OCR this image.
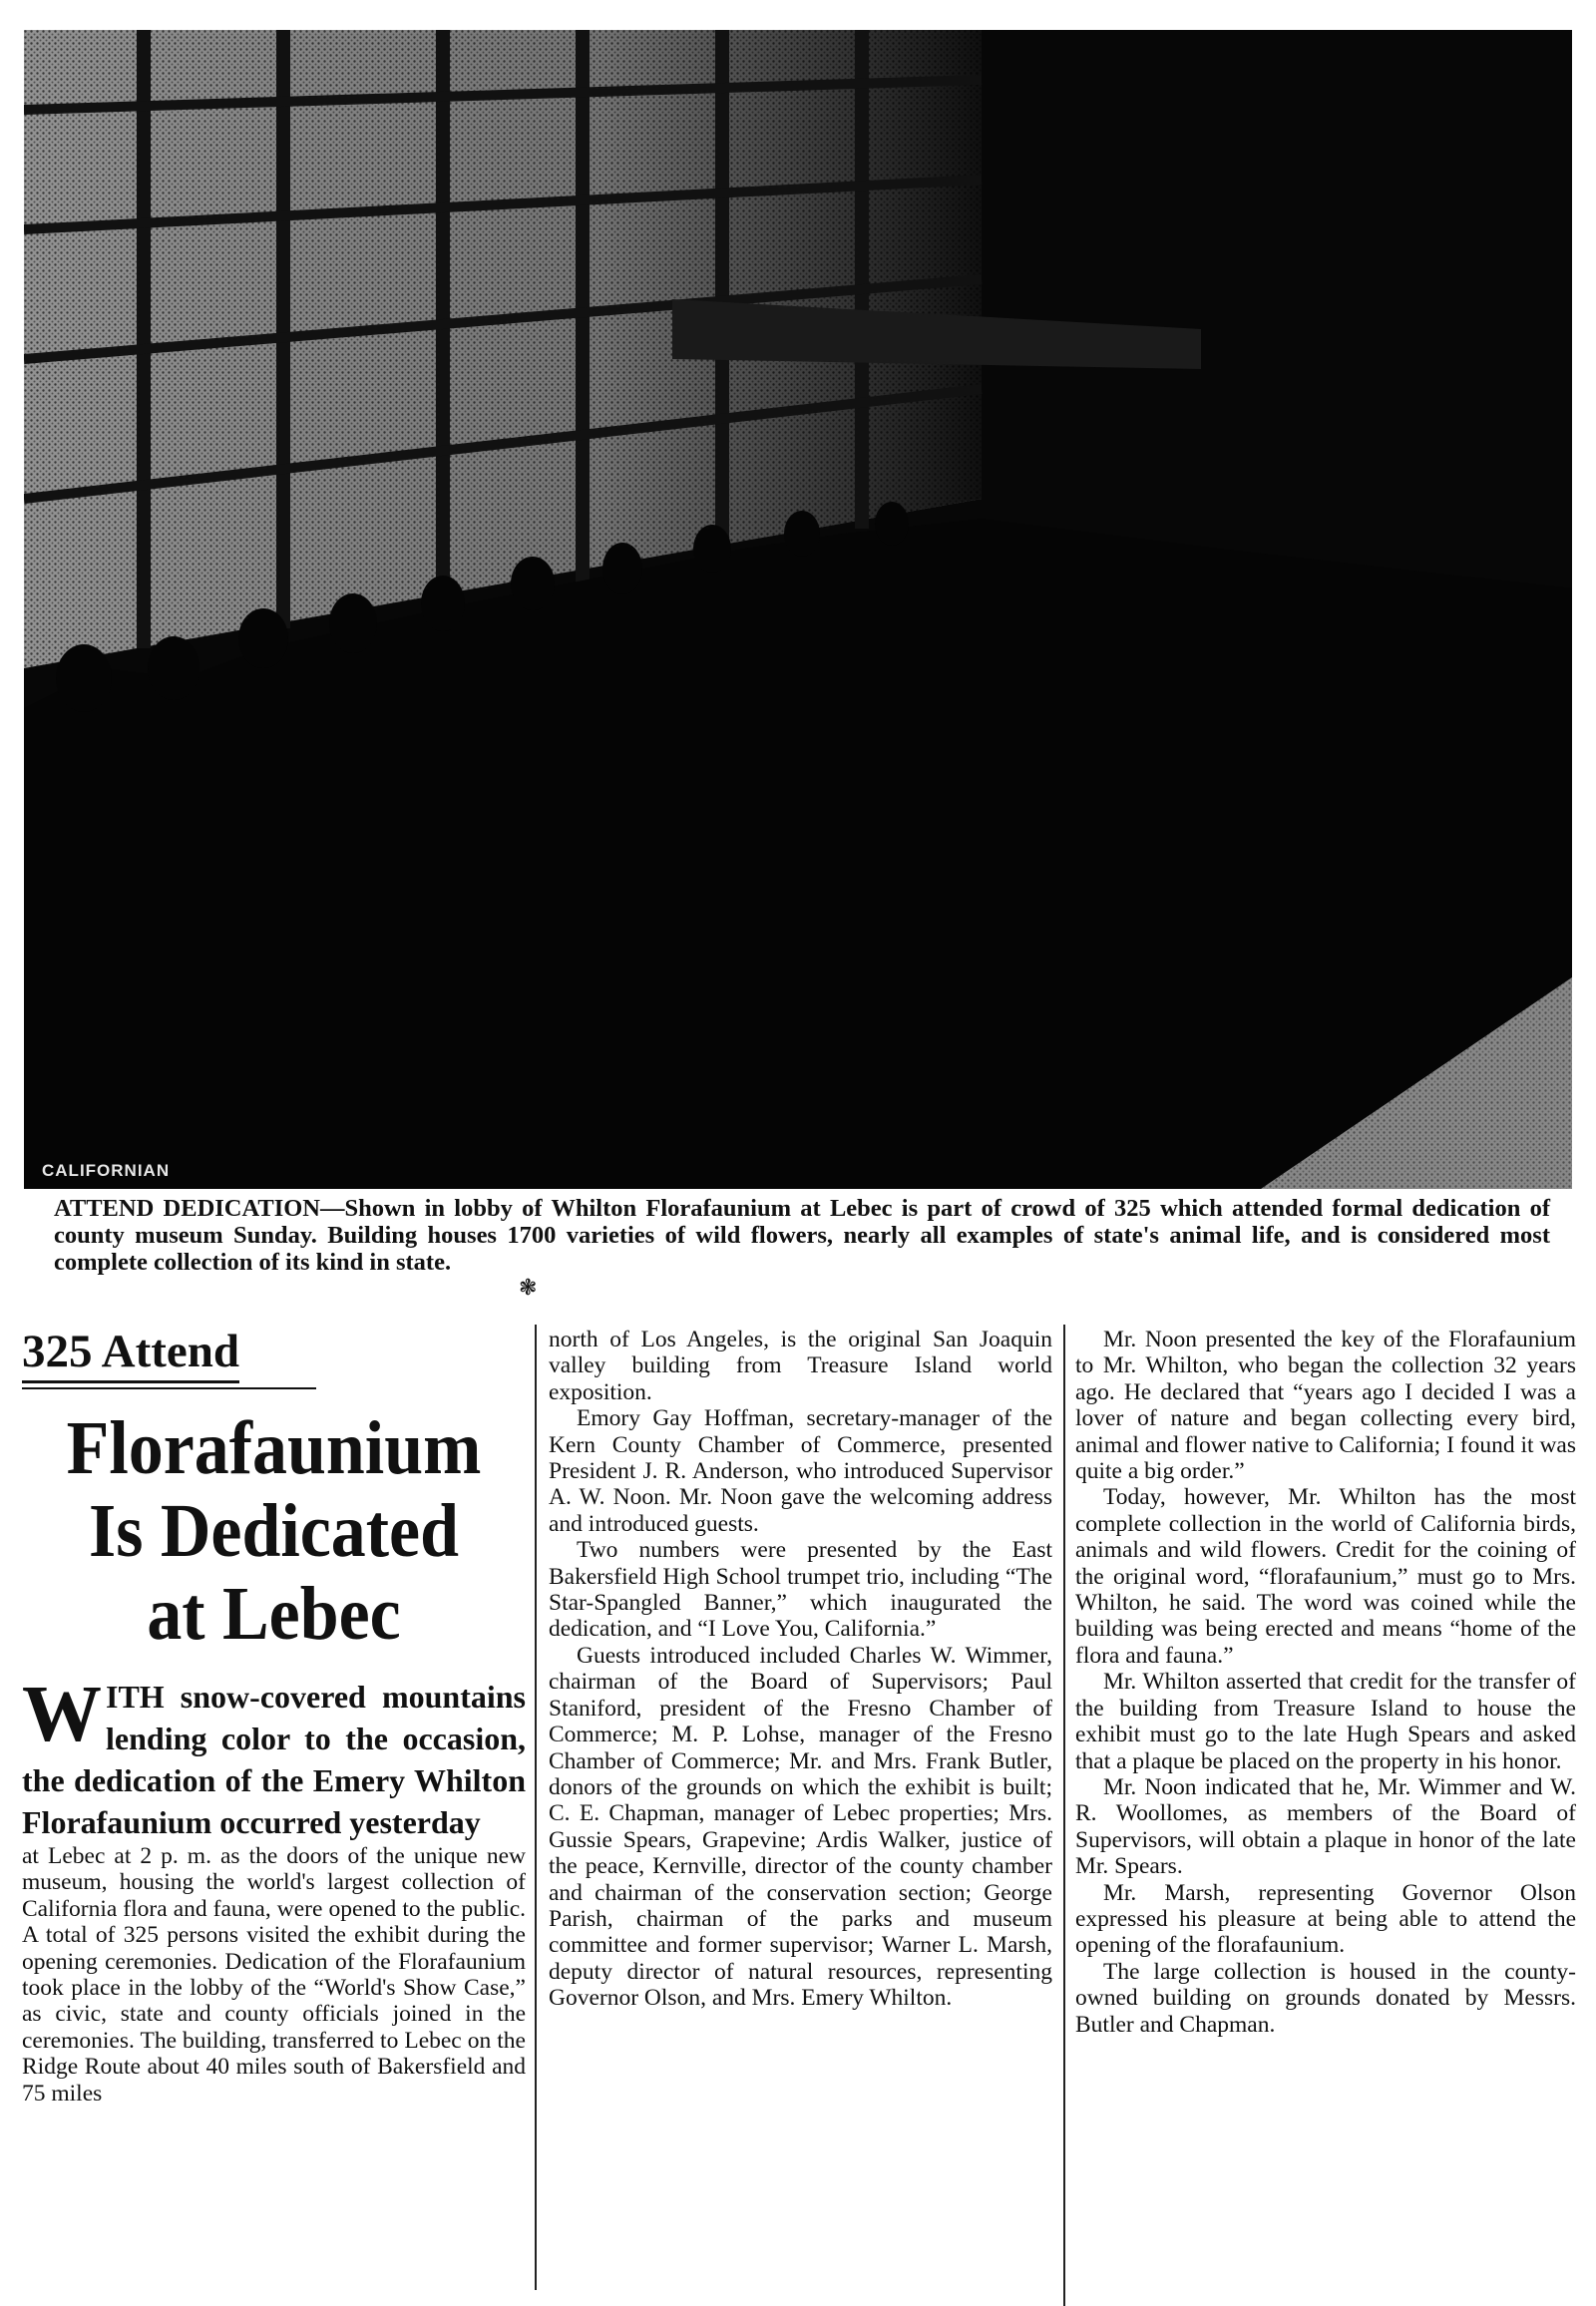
CALIFORNIAN
ATTEND DEDICATION—Shown in lobby of Whilton Florafaunium at Lebec is part of crowd of 325 which attended formal dedication of county museum Sunday. Building houses 1700 varieties of wild flowers, nearly all examples of state's animal life, and is considered most complete collection of its kind in state.
❃
325 Attend
Florafaunium
Is Dedicated
at Lebec

WITH snow-covered mountains lending color to the occasion, the dedication of the Emery Whilton Florafaunium occurred yesterday

at Lebec at 2 p. m. as the doors of the unique new museum, housing the world's largest collection of California flora and fauna, were opened to the public. A total of 325 persons visited the exhibit during the opening ceremonies. Dedication of the Florafaunium took place in the lobby of the “World's Show Case,” as civic, state and county officials joined in the ceremonies. The building, transferred to Lebec on the Ridge Route about 40 miles south of Bakersfield and 75 miles

north of Los Angeles, is the original San Joaquin valley building from Treasure Island world exposition.

Emory Gay Hoffman, secretary-manager of the Kern County Chamber of Commerce, presented President J. R. Anderson, who introduced Supervisor A. W. Noon. Mr. Noon gave the welcoming address and introduced guests.

Two numbers were presented by the East Bakersfield High School trumpet trio, including “The Star-Spangled Banner,” which inaugurated the dedication, and “I Love You, California.”

Guests introduced included Charles W. Wimmer, chairman of the Board of Supervisors; Paul Staniford, president of the Fresno Chamber of Commerce; M. P. Lohse, manager of the Fresno Chamber of Commerce; Mr. and Mrs. Frank Butler, donors of the grounds on which the exhibit is built; C. E. Chapman, manager of Lebec properties; Mrs. Gussie Spears, Grapevine; Ardis Walker, justice of the peace, Kernville, director of the county chamber and chairman of the conservation section; George Parish, chairman of the parks and museum committee and former supervisor; Warner L. Marsh, deputy director of natural resources, representing Governor Olson, and Mrs. Emery Whilton.

Mr. Noon presented the key of the Florafaunium to Mr. Whilton, who began the collection 32 years ago. He declared that “years ago I decided I was a lover of nature and began collecting every bird, animal and flower native to California; I found it was quite a big order.”

Today, however, Mr. Whilton has the most complete collection in the world of California birds, animals and wild flowers. Credit for the coining of the original word, “florafaunium,” must go to Mrs. Whilton, he said. The word was coined while the building was being erected and means “home of the flora and fauna.”

Mr. Whilton asserted that credit for the transfer of the building from Treasure Island to house the exhibit must go to the late Hugh Spears and asked that a plaque be placed on the property in his honor.

Mr. Noon indicated that he, Mr. Wimmer and W. R. Woollomes, as members of the Board of Supervisors, will obtain a plaque in honor of the late Mr. Spears.

Mr. Marsh, representing Governor Olson expressed his pleasure at being able to attend the opening of the florafaunium.

The large collection is housed in the county-owned building on grounds donated by Messrs. Butler and Chapman.
